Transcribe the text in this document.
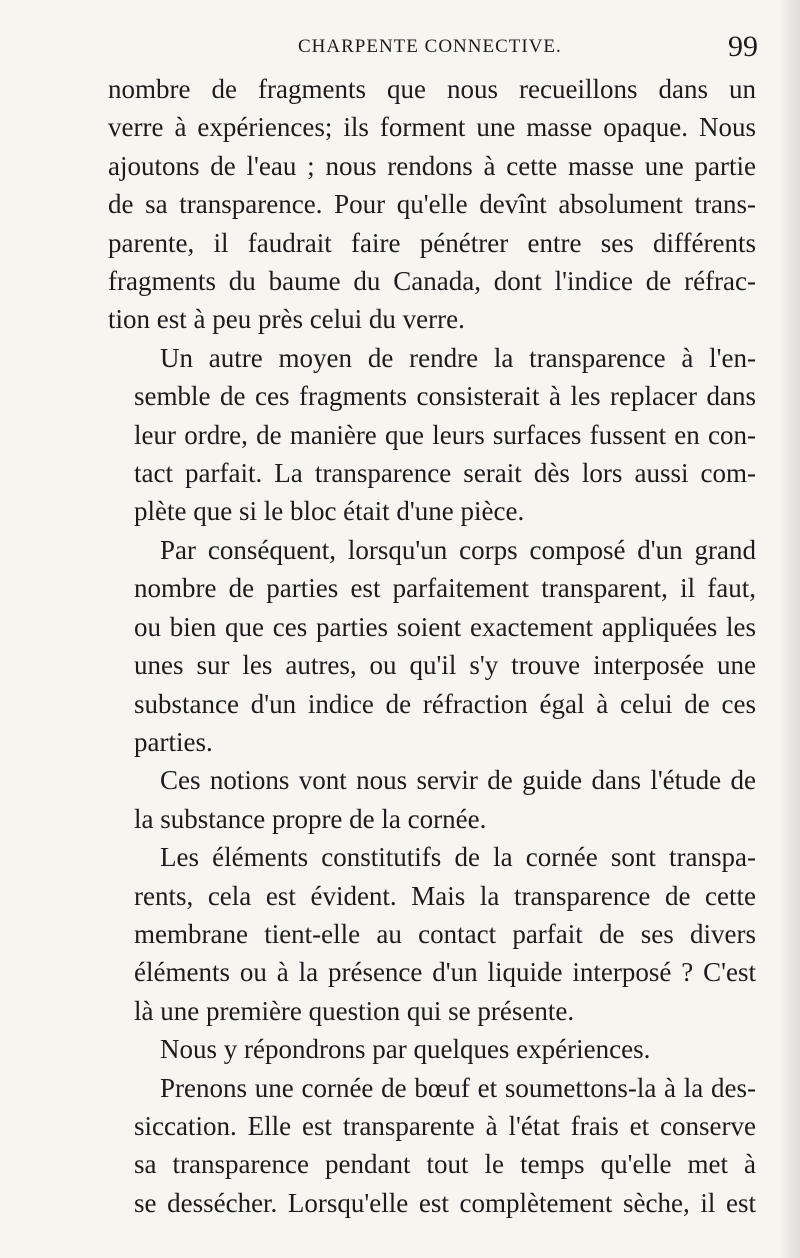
CHARPENTE CONNECTIVE.	99
nombre de fragments que nous recueillons dans un
verre à expériences; ils forment une masse opaque. Nous
ajoutons de l'eau ; nous rendons à cette masse une partie
de sa transparence. Pour qu'elle devînt absolument trans-
parente, il faudrait faire pénétrer entre ses différents
fragments du baume du Canada, dont l'indice de réfrac-
tion est à peu près celui du verre.
Un autre moyen de rendre la transparence à l'en-
semble de ces fragments consisterait à les replacer dans
leur ordre, de manière que leurs surfaces fussent en con-
tact parfait. La transparence serait dès lors aussi com-
plète que si le bloc était d'une pièce.
Par conséquent, lorsqu'un corps composé d'un grand
nombre de parties est parfaitement transparent, il faut,
ou bien que ces parties soient exactement appliquées les
unes sur les autres, ou qu'il s'y trouve interposée une
substance d'un indice de réfraction égal à celui de ces
parties.
Ces notions vont nous servir de guide dans l'étude de
la substance propre de la cornée.
Les éléments constitutifs de la cornée sont transpa-
rents, cela est évident. Mais la transparence de cette
membrane tient-elle au contact parfait de ses divers
éléments ou à la présence d'un liquide interposé ? C'est
là une première question qui se présente.
Nous y répondrons par quelques expériences.
Prenons une cornée de bœuf et soumettons-la à la des-
siccation. Elle est transparente à l'état frais et conserve
sa transparence pendant tout le temps qu'elle met à
se dessécher. Lorsqu'elle est complètement sèche, il est
